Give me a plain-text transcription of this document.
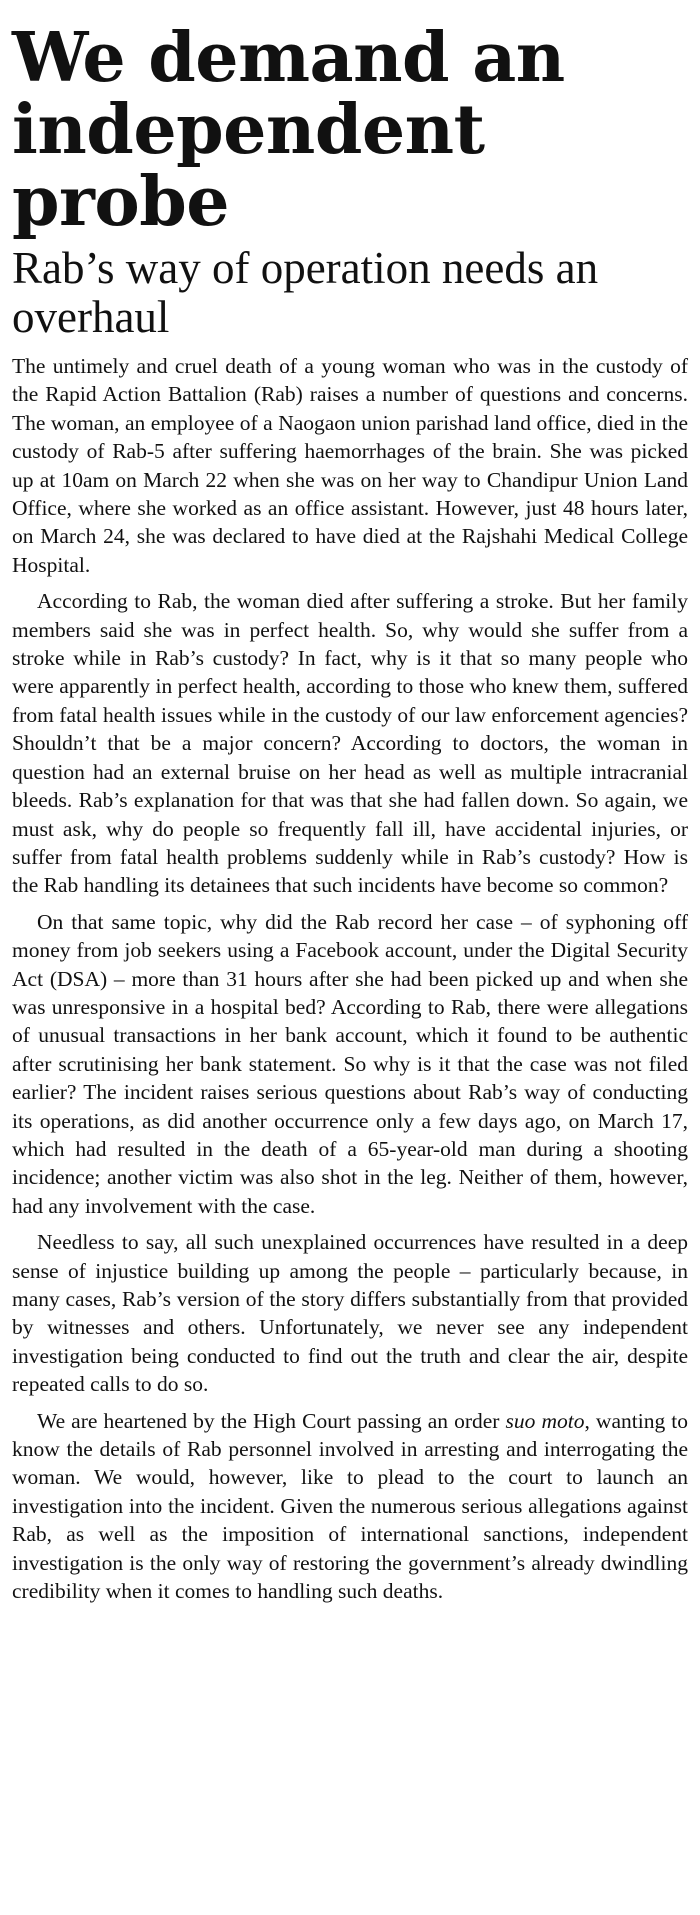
We demand an independent probe
Rab’s way of operation needs an overhaul

The untimely and cruel death of a young woman who was in the custody of the Rapid Action Battalion (Rab) raises a number of questions and concerns. The woman, an employee of a Naogaon union parishad land office, died in the custody of Rab-5 after suffering haemorrhages of the brain. She was picked up at 10am on March 22 when she was on her way to Chandipur Union Land Office, where she worked as an office assistant. However, just 48 hours later, on March 24, she was declared to have died at the Rajshahi Medical College Hospital.

According to Rab, the woman died after suffering a stroke. But her family members said she was in perfect health. So, why would she suffer from a stroke while in Rab’s custody? In fact, why is it that so many people who were apparently in perfect health, according to those who knew them, suffered from fatal health issues while in the custody of our law enforcement agencies? Shouldn’t that be a major concern? According to doctors, the woman in question had an external bruise on her head as well as multiple intracranial bleeds. Rab’s explanation for that was that she had fallen down. So again, we must ask, why do people so frequently fall ill, have accidental injuries, or suffer from fatal health problems suddenly while in Rab’s custody? How is the Rab handling its detainees that such incidents have become so common?

On that same topic, why did the Rab record her case – of syphoning off money from job seekers using a Facebook account, under the Digital Security Act (DSA) – more than 31 hours after she had been picked up and when she was unresponsive in a hospital bed? According to Rab, there were allegations of unusual transactions in her bank account, which it found to be authentic after scrutinising her bank statement. So why is it that the case was not filed earlier? The incident raises serious questions about Rab’s way of conducting its operations, as did another occurrence only a few days ago, on March 17, which had resulted in the death of a 65-year-old man during a shooting incidence; another victim was also shot in the leg. Neither of them, however, had any involvement with the case.

Needless to say, all such unexplained occurrences have resulted in a deep sense of injustice building up among the people – particularly because, in many cases, Rab’s version of the story differs substantially from that provided by witnesses and others. Unfortunately, we never see any independent investigation being conducted to find out the truth and clear the air, despite repeated calls to do so.

We are heartened by the High Court passing an order suo moto, wanting to know the details of Rab personnel involved in arresting and interrogating the woman. We would, however, like to plead to the court to launch an investigation into the incident. Given the numerous serious allegations against Rab, as well as the imposition of international sanctions, independent investigation is the only way of restoring the government’s already dwindling credibility when it comes to handling such deaths.
